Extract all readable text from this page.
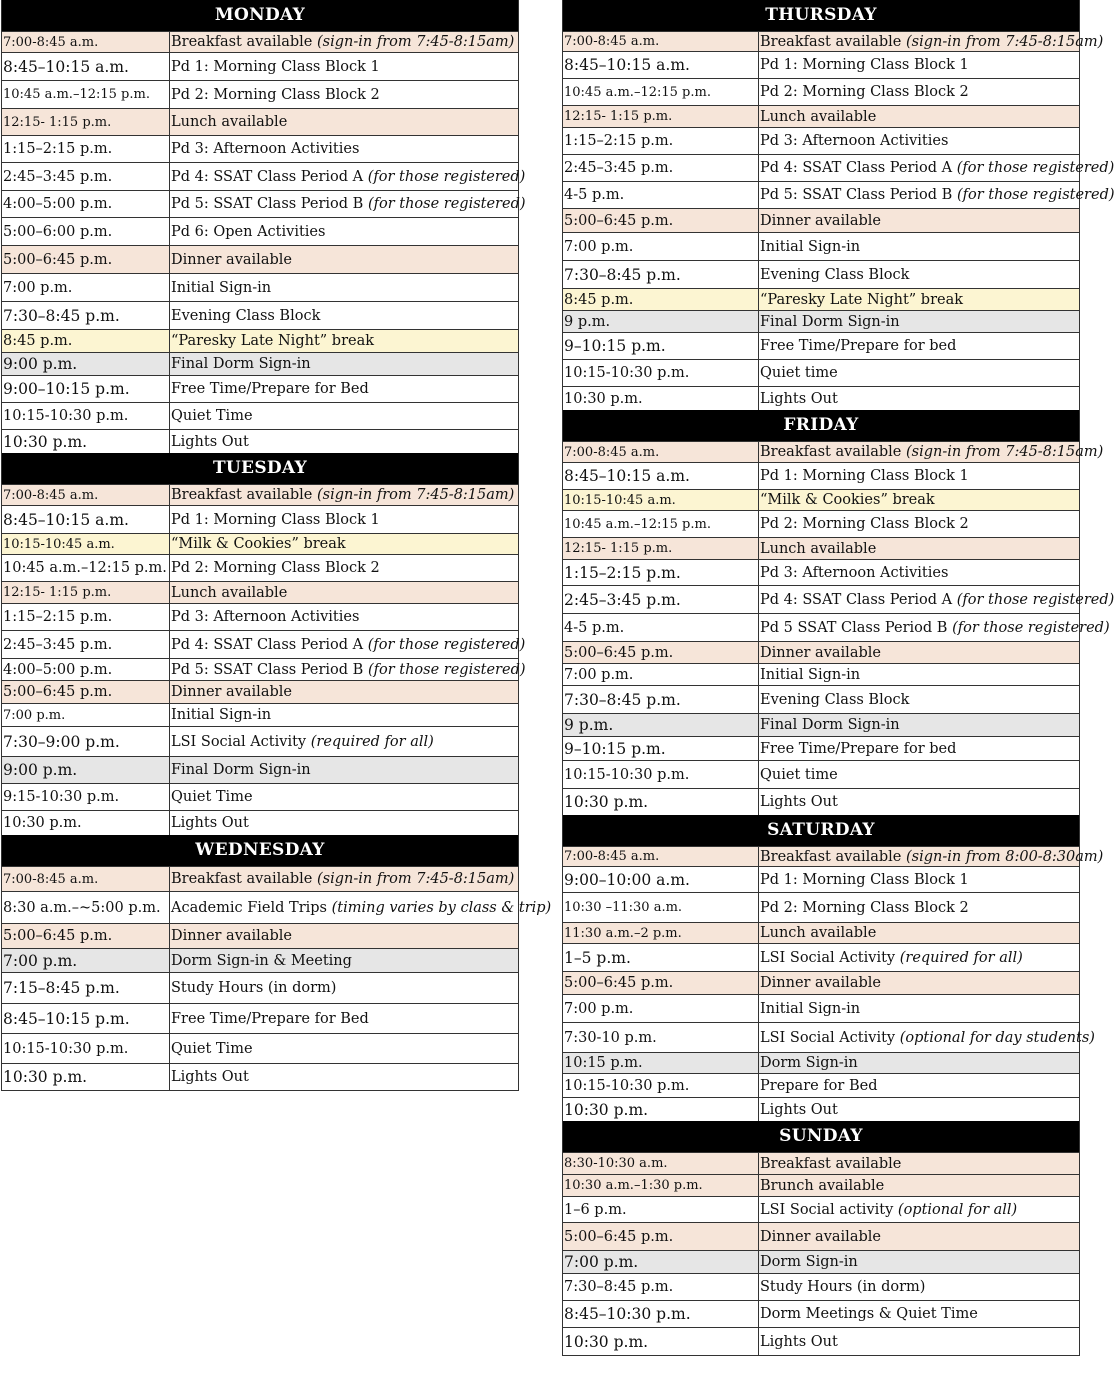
MONDAY
7:00-8:45 a.m.	Breakfast available
(sign-in from 7:45-8:15am)
8:45–10:15 a.m.	Pd 1: Morning Class Block 1
10:45 a.m.–12:15 p.m.	Pd 2: Morning Class Block 2
12:15- 1:15 p.m.	Lunch available
1:15–2:15 p.m.	Pd 3: Afternoon Activities
2:45–3:45 p.m.	Pd 4: SSAT Class Period A
(for those registered)
4:00–5:00 p.m.	Pd 5: SSAT Class Period B
(for those registered)
5:00–6:00 p.m.	Pd 6: Open Activities
5:00–6:45 p.m.	Dinner available
7:00 p.m.	Initial Sign-in
7:30–8:45 p.m.	Evening Class Block
8:45 p.m.	“Paresky Late Night” break
9:00 p.m.	Final Dorm Sign-in
9:00–10:15 p.m.	Free Time/Prepare for Bed
10:15-10:30 p.m.	Quiet Time
10:30 p.m.	Lights Out
TUESDAY
7:00-8:45 a.m.	Breakfast available
(sign-in from 7:45-8:15am)
8:45–10:15 a.m.	Pd 1: Morning Class Block 1
10:15-10:45 a.m.	“Milk & Cookies” break
10:45 a.m.–12:15 p.m. Pd 2: Morning Class Block 2
12:15- 1:15 p.m.	Lunch available
1:15–2:15 p.m.	Pd 3: Afternoon Activities
2:45–3:45 p.m.	Pd 4: SSAT Class Period A
(for those registered)
4:00–5:00 p.m.	Pd 5: SSAT Class Period B
(for those registered)
5:00–6:45 p.m.	Dinner available
7:00 p.m.	Initial Sign-in
7:30–9:00 p.m.	LSI Social Activity
(required for all)
9:00 p.m.	Final Dorm Sign-in
9:15-10:30 p.m.	Quiet Time
10:30 p.m.	Lights Out
WEDNESDAY
7:00-8:45 a.m.	Breakfast available
(sign-in from 7:45-8:15am)
8:30 a.m.–~5:00 p.m. Academic Field Trips
(timing varies by class & trip)
5:00–6:45 p.m.	Dinner available
7:00 p.m.	Dorm Sign-in & Meeting
7:15–8:45 p.m.	Study Hours (in dorm)
8:45–10:15 p.m.	Free Time/Prepare for Bed
10:15-10:30 p.m.	Quiet Time
10:30 p.m.	Lights Out
THURSDAY
7:00-8:45 a.m.	Breakfast available
(sign-in from 7:45-8:15am)
8:45–10:15 a.m.	Pd 1: Morning Class Block 1
10:45 a.m.–12:15 p.m.	Pd 2: Morning Class Block 2
12:15- 1:15 p.m.	Lunch available
1:15–2:15 p.m.	Pd 3: Afternoon Activities
2:45–3:45 p.m.	Pd 4: SSAT Class Period A
(for those registered)
4-5 p.m.	Pd 5: SSAT Class Period B
(for those registered)
5:00–6:45 p.m.	Dinner available
7:00 p.m.	Initial Sign-in
7:30–8:45 p.m.	Evening Class Block
8:45 p.m.	“Paresky Late Night” break
9 p.m.	Final Dorm Sign-in
9–10:15 p.m.	Free Time/Prepare for bed
10:15-10:30 p.m.	Quiet time
10:30 p.m.	Lights Out
FRIDAY
7:00-8:45 a.m.	Breakfast available
(sign-in from 7:45-8:15am)
8:45–10:15 a.m.	Pd 1: Morning Class Block 1
10:15-10:45 a.m.	“Milk & Cookies” break
10:45 a.m.–12:15 p.m.	Pd 2: Morning Class Block 2
12:15- 1:15 p.m.	Lunch available
1:15–2:15 p.m.	Pd 3: Afternoon Activities
2:45–3:45 p.m.	Pd 4: SSAT Class Period A
(for those registered)
4-5 p.m.	Pd 5 SSAT Class Period B
(for those registered)
5:00–6:45 p.m.	Dinner available
7:00 p.m.	Initial Sign-in
7:30–8:45 p.m.	Evening Class Block
9 p.m.	Final Dorm Sign-in
9–10:15 p.m.	Free Time/Prepare for bed
10:15-10:30 p.m.	Quiet time
10:30 p.m.	Lights Out
SATURDAY
7:00-8:45 a.m.	Breakfast available
(sign-in from 8:00-8:30am)
9:00–10:00 a.m.	Pd 1: Morning Class Block 1
10:30 –11:30 a.m.	Pd 2: Morning Class Block 2
11:30 a.m.–2 p.m.	Lunch available
1–5 p.m.	LSI Social Activity
(required for all)
5:00–6:45 p.m.	Dinner available
7:00 p.m.	Initial Sign-in
7:30-10 p.m.	LSI Social Activity
(optional for day students)
10:15 p.m.	Dorm Sign-in
10:15-10:30 p.m.	Prepare for Bed
10:30 p.m.	Lights Out
SUNDAY
8:30-10:30 a.m.	Breakfast available
10:30 a.m.–1:30 p.m.	Brunch available
1–6 p.m.	LSI Social activity
(optional for all)
5:00–6:45 p.m.	Dinner available
7:00 p.m.	Dorm Sign-in
7:30–8:45 p.m.	Study Hours (in dorm)
8:45–10:30 p.m.	Dorm Meetings & Quiet Time
10:30 p.m.	Lights Out
